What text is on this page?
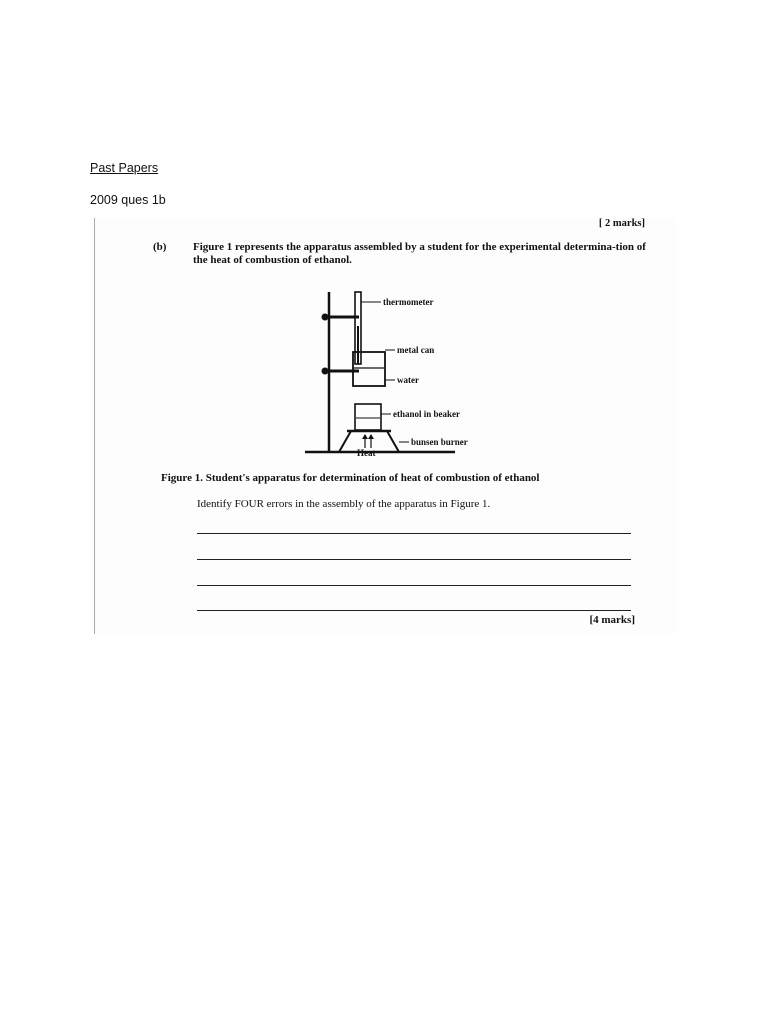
Past Papers
2009 ques 1b
[ 2 marks]
(b) Figure 1 represents the apparatus assembled by a student for the experimental determina-tion of the heat of combustion of ethanol.
thermometer
metal can
water
ethanol in beaker
bunsen burner
Heat
Figure 1. Student's apparatus for determination of heat of combustion of ethanol
Identify FOUR errors in the assembly of the apparatus in Figure 1.
[4 marks]
